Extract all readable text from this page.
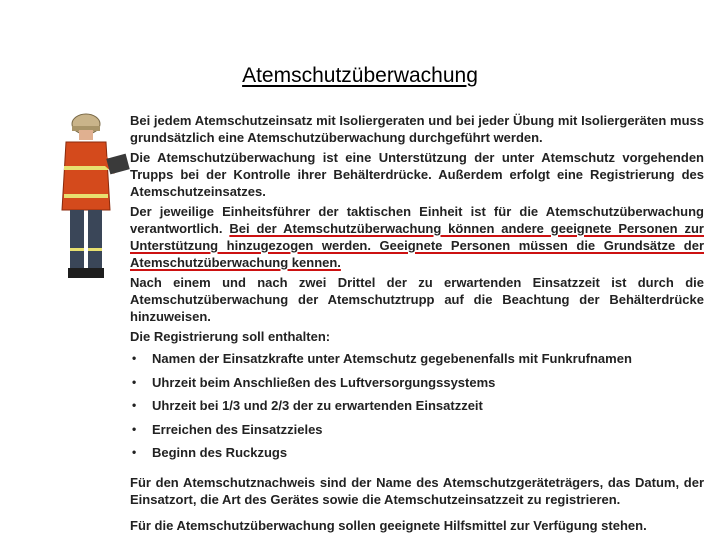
Atemschutzüberwachung

Bei jedem Atemschutzeinsatz mit Isoliergeraten und bei jeder Übung mit Isoliergeräten muss grundsätzlich eine Atemschutzüberwachung durchgeführt werden.

Die Atemschutzüberwachung ist eine Unterstützung der unter Atemschutz vorgehenden Trupps bei der Kontrolle ihrer Behälterdrücke. Außerdem erfolgt eine Registrierung des Atemschutzeinsatzes.

Der jeweilige Einheitsführer der taktischen Einheit ist für die Atemschutzüberwachung verantwortlich. Bei der Atemschutzüberwachung können andere geeignete Personen zur Unterstützung hinzugezogen werden. Geeignete Personen müssen die Grundsätze der Atemschutzüberwachung kennen.

Nach einem und nach zwei Drittel der zu erwartenden Einsatzzeit ist durch die Atemschutzüberwachung der Atemschutztrupp auf die Beachtung der Behälterdrücke hinzuweisen.

Die Registrierung soll enthalten:

• Namen der Einsatzkrafte unter Atemschutz gegebenenfalls mit Funkrufnamen
• Uhrzeit beim Anschließen des Luftversorgungssystems
• Uhrzeit bei 1/3 und 2/3 der zu erwartenden Einsatzzeit
• Erreichen des Einsatzzieles
• Beginn des Ruckzugs

Für den Atemschutznachweis sind der Name des Atemschutzgeräteträgers, das Datum, der Einsatzort, die Art des Gerätes sowie die Atemschutzeinsatzzeit zu registrieren.

Für die Atemschutzüberwachung sollen geeignete Hilfsmittel zur Verfügung stehen.
